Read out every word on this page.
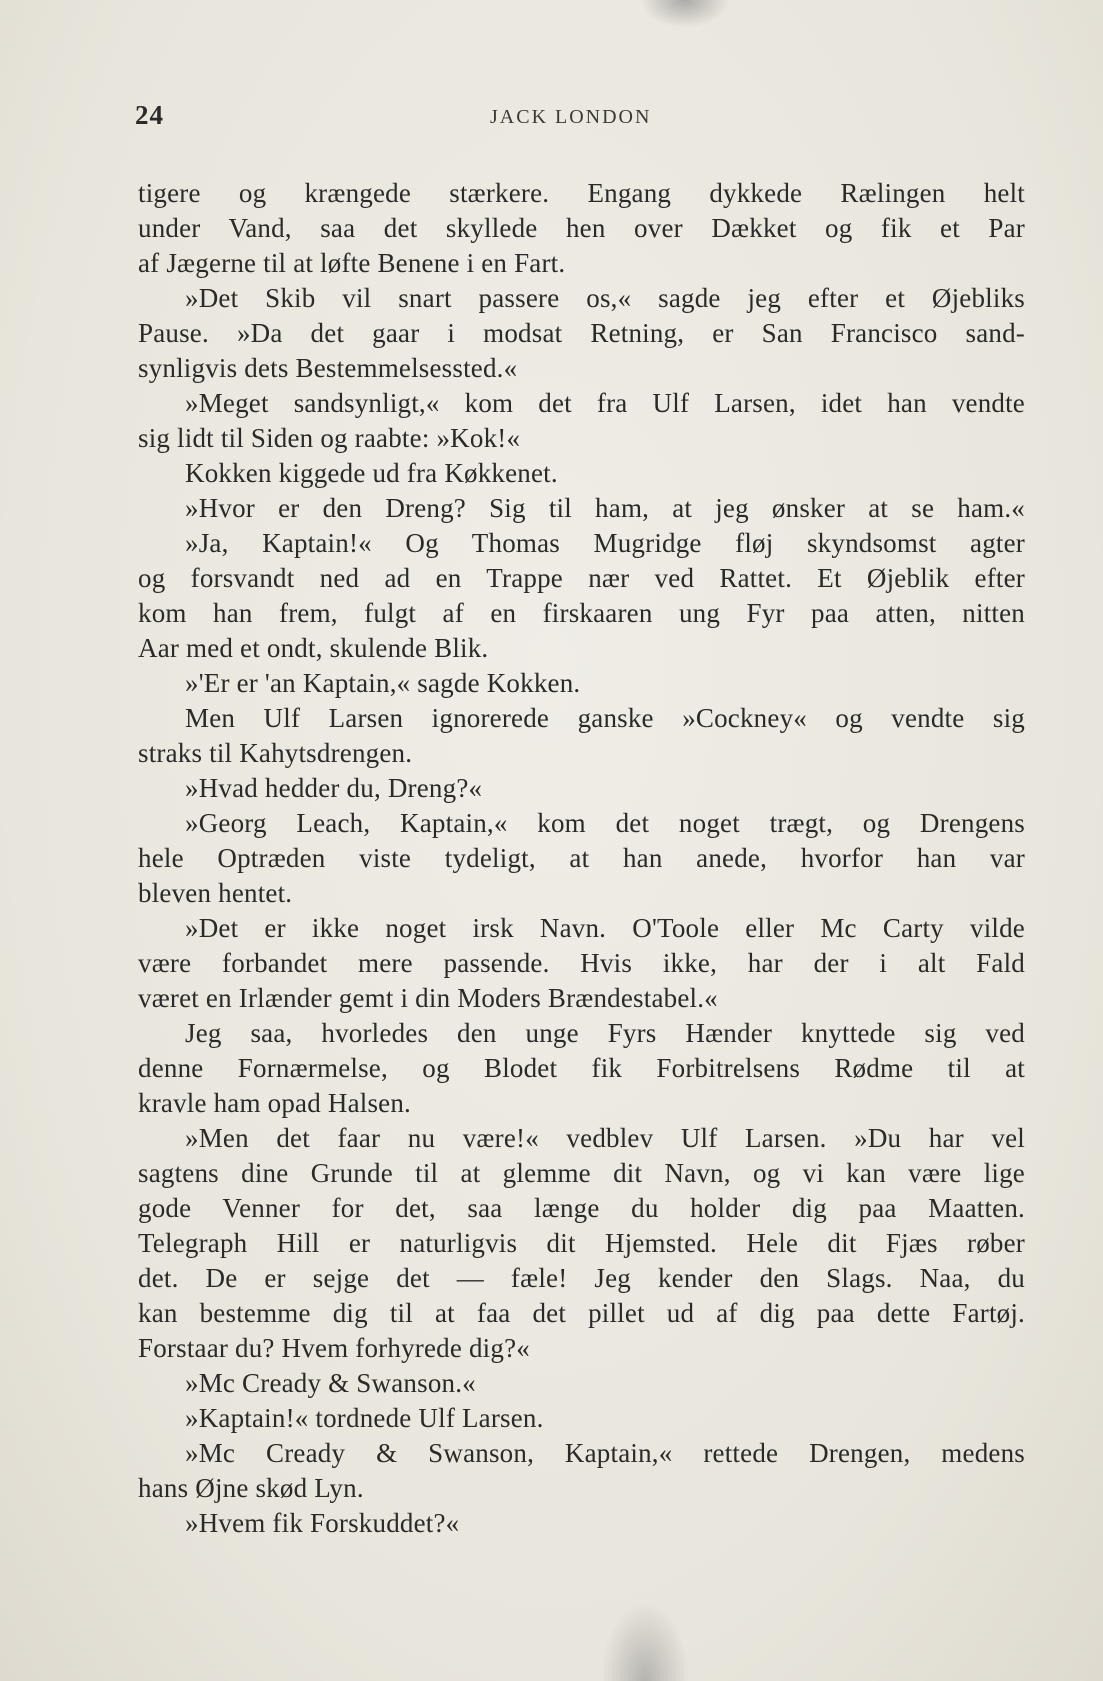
24	JACK LONDON
tigere og krængede stærkere. Engang dykkede Rælingen helt
under Vand, saa det skyllede hen over Dækket og fik et Par
af Jægerne til at løfte Benene i en Fart.
»Det Skib vil snart passere os,« sagde jeg efter et Øjebliks
Pause. »Da det gaar i modsat Retning, er San Francisco sand-
synligvis dets Bestemmelsessted.«
»Meget sandsynligt,« kom det fra Ulf Larsen, idet han vendte
sig lidt til Siden og raabte: »Kok!«
Kokken kiggede ud fra Køkkenet.
»Hvor er den Dreng? Sig til ham, at jeg ønsker at se ham.«
»Ja, Kaptain!« Og Thomas Mugridge fløj skyndsomst agter
og forsvandt ned ad en Trappe nær ved Rattet. Et Øjeblik efter
kom han frem, fulgt af en firskaaren ung Fyr paa atten, nitten
Aar med et ondt, skulende Blik.
»'Er er 'an Kaptain,« sagde Kokken.
Men Ulf Larsen ignorerede ganske »Cockney« og vendte sig
straks til Kahytsdrengen.
»Hvad hedder du, Dreng?«
»Georg Leach, Kaptain,« kom det noget trægt, og Drengens
hele Optræden viste tydeligt, at han anede, hvorfor han var
bleven hentet.
»Det er ikke noget irsk Navn. O'Toole eller Mc Carty vilde
være forbandet mere passende. Hvis ikke, har der i alt Fald
været en Irlænder gemt i din Moders Brændestabel.«
Jeg saa, hvorledes den unge Fyrs Hænder knyttede sig ved
denne Fornærmelse, og Blodet fik Forbitrelsens Rødme til at
kravle ham opad Halsen.
»Men det faar nu være!« vedblev Ulf Larsen. »Du har vel
sagtens dine Grunde til at glemme dit Navn, og vi kan være lige
gode Venner for det, saa længe du holder dig paa Maatten.
Telegraph Hill er naturligvis dit Hjemsted. Hele dit Fjæs røber
det. De er sejge det — fæle! Jeg kender den Slags. Naa, du
kan bestemme dig til at faa det pillet ud af dig paa dette Fartøj.
Forstaar du? Hvem forhyrede dig?«
»Mc Cready & Swanson.«
»Kaptain!« tordnede Ulf Larsen.
»Mc Cready & Swanson, Kaptain,« rettede Drengen, medens
hans Øjne skød Lyn.
»Hvem fik Forskuddet?«
